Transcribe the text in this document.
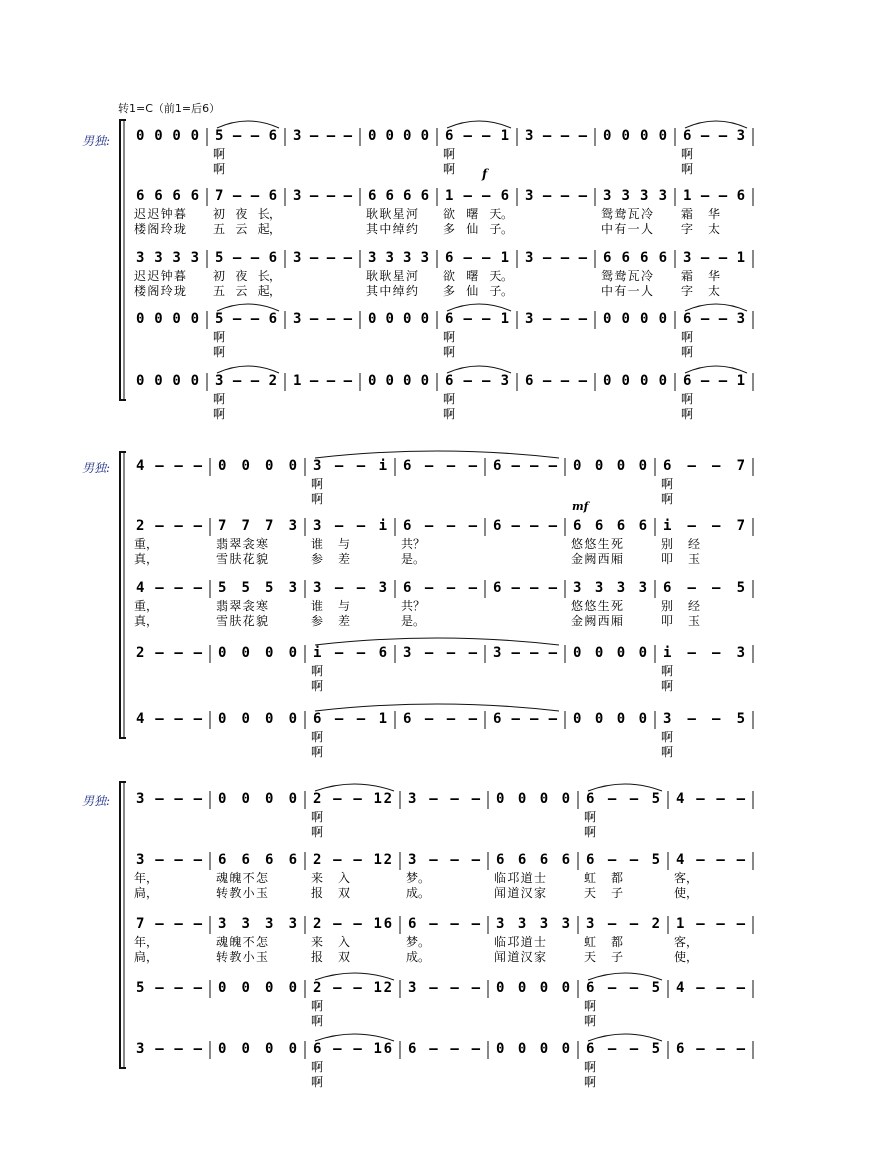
转1=C（前1=后6）
男独: 0 0 0 0 5 – – 6
啊
啊
3 – – – 0 0 0 0 6 – – 1
啊
啊
3 – – – 0 0 0 0 6 – – 3
啊
啊
6 6 6 6
迟迟钟暮
楼阁玲珑
7 – – 6
初　夜　长，
五　云　起，
3 – – – 6 6 6 6
耿耿星河
其中绰约
1 – – 6
欲　曙　天。
多　仙　子。
3 – – – 3 3 3 3
鸳鸯瓦冷
中有一人
1 – – 6
霜　华
字　太
3 3 3 3
迟迟钟暮
楼阁玲珑
5 – – 6
初　夜　长，
五　云　起，
3 – – – 3 3 3 3
耿耿星河
其中绰约
6 – – 1
欲　曙　天。
多　仙　子。
3 – – – 6 6 6 6
鸳鸯瓦冷
中有一人
3 – – 1
霜　华
字　太
0 0 0 0 5 – – 6
啊
啊
3 – – – 0 0 0 0 6 – – 1
啊
啊
3 – – – 0 0 0 0 6 – – 3
啊
啊
0 0 0 0 3 – – 2
啊
啊
1 – – – 0 0 0 0 6 – – 3
啊
啊
6 – – – 0 0 0 0 6 – – 1
啊
啊
男独: 4 – – – 0 0 0 0 3 – – i
啊
啊
6 – – – 6 – – – 0 0 0 0 6 – – 7
啊
啊
2 – – –
重，
真，
7 7 7 3
翡翠衾寒
雪肤花貌
3 – – i
谁　与
参　差
6 – – –
共？
是。
6 – – – 6 6 6 6
悠悠生死
金阙西厢
i – – 7
别　经
叩　玉
4 – – –
重，
真，
5 5 5 3
翡翠衾寒
雪肤花貌
3 – – 3
谁　与
参　差
6 – – –
共？
是。
6 – – – 3 3 3 3
悠悠生死
金阙西厢
6 – – 5
别　经
叩　玉
2 – – – 0 0 0 0 i – – 6
啊
啊
3 – – – 3 – – – 0 0 0 0 i – – 3
啊
啊
4 – – – 0 0 0 0 6 – – 1
啊
啊
6 – – – 6 – – – 0 0 0 0 3 – – 5
啊
啊
男独: 3 – – – 0 0 0 0 2 – – 12
啊
啊
3 – – – 0 0 0 0 6 – – 5
啊
啊
4 – – –
3 – – –
年，
扃，
6 6 6 6
魂魄不怎
转教小玉
2 – – 12
来　入
报　双
3 – – –
梦。
成。
6 6 6 6
临邛道士
闻道汉家
6 – – 5
虹　都
天　子
4 – – –
客，
使，
7 – – –
年，
扃，
3 3 3 3
魂魄不怎
转教小玉
2 – – 16
来　入
报　双
6 – – –
梦。
成。
3 3 3 3
临邛道士
闻道汉家
3 – – 2
虹　都
天　子
1 – – –
客，
使，
5 – – – 0 0 0 0 2 – – 12
啊
啊
3 – – – 0 0 0 0 6 – – 5
啊
啊
4 – – –
3 – – – 0 0 0 0 6 – – 16
啊
啊
6 – – – 0 0 0 0 6 – – 5
啊
啊
6 – – –
f
mf
